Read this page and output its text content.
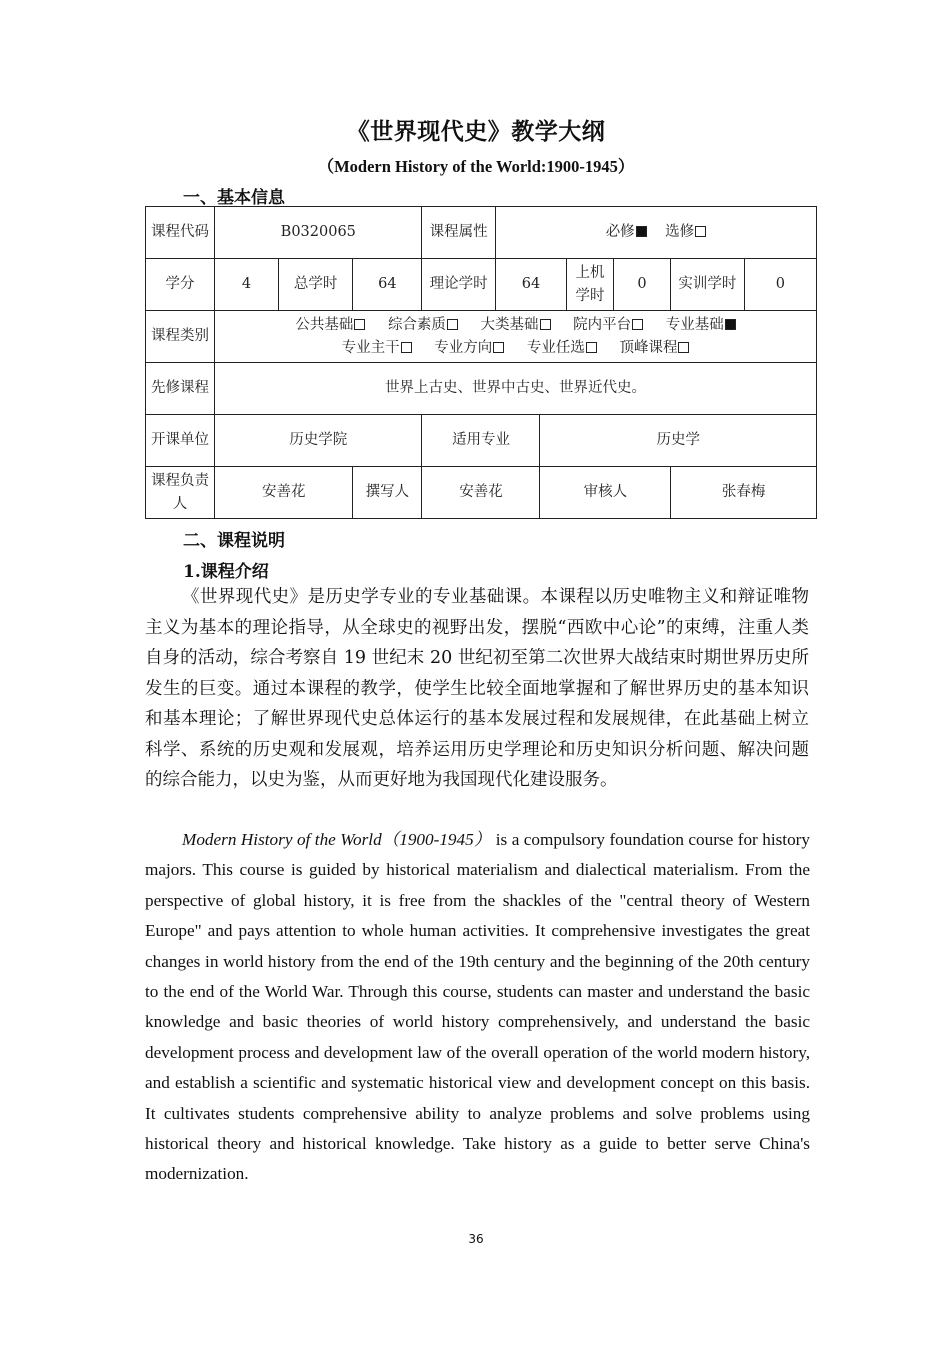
《世界现代史》教学大纲
（Modern History of the World:1900-1945）
一、基本信息
课程代码	B0320065			课程属性	必修 选修					
学分	4	总学时	64	理论学时	64		上机学时	0	实训学时	0
课程类别	公共基础 综合素质 大类基础 院内平台 专业基础
专业主干 专业方向 专业任选 顶峰课程									

先修课程	世界上古史、世界中古史、世界近代史。									
开课单位	历史学院			适用专业		历史学				
课程负责人	安善花		撰写人	安善花		审核人			张春梅	
二、课程说明
1.课程介绍
《世界现代史》是历史学专业的专业基础课。本课程以历史唯物主义和辩证唯物主义为基本的理论指导，从全球史的视野出发，摆脱“西欧中心论”的束缚，注重人类自身的活动，综合考察自 19 世纪末 20 世纪初至第二次世界大战结束时期世界历史所发生的巨变。通过本课程的教学，使学生比较全面地掌握和了解世界历史的基本知识和基本理论；了解世界现代史总体运行的基本发展过程和发展规律，在此基础上树立科学、系统的历史观和发展观，培养运用历史学理论和历史知识分析问题、解决问题的综合能力，以史为鉴，从而更好地为我国现代化建设服务。
Modern History of the World（1900-1945） is a compulsory foundation course for history majors. This course is guided by historical materialism and dialectical materialism. From the perspective of global history, it is free from the shackles of the "central theory of Western Europe" and pays attention to whole human activities. It comprehensive investigates the great changes in world history from the end of the 19th century and the beginning of the 20th century to the end of the World War. Through this course, students can master and understand the basic knowledge and basic theories of world history comprehensively, and understand the basic development process and development law of the overall operation of the world modern history, and establish a scientific and systematic historical view and development concept on this basis. It cultivates students comprehensive ability to analyze problems and solve problems using historical theory and historical knowledge. Take history as a guide to better serve China's modernization.
36
